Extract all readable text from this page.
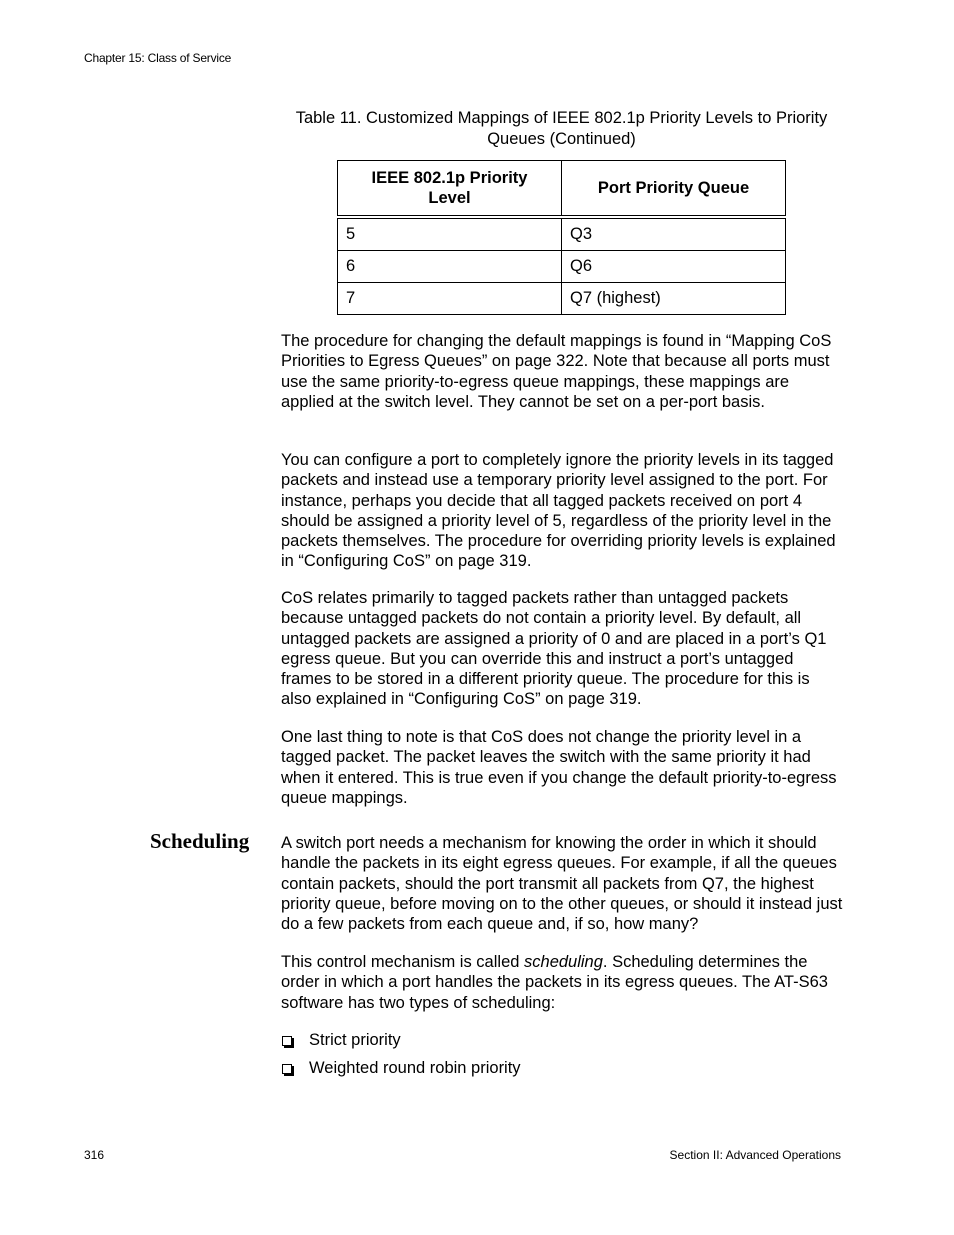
Chapter 15: Class of Service
Table 11. Customized Mappings of IEEE 802.1p Priority Levels to Priority
Queues (Continued)
IEEE 802.1p Priority Level	Port Priority Queue
5	Q3
6	Q6
7	Q7 (highest)

The procedure for changing the default mappings is found in “Mapping CoS Priorities to Egress Queues” on page 322. Note that because all ports must use the same priority-to-egress queue mappings, these mappings are applied at the switch level. They cannot be set on a per-port basis.

You can configure a port to completely ignore the priority levels in its tagged packets and instead use a temporary priority level assigned to the port. For instance, perhaps you decide that all tagged packets received on port 4 should be assigned a priority level of 5, regardless of the priority level in the packets themselves. The procedure for overriding priority levels is explained in “Configuring CoS” on page 319.

CoS relates primarily to tagged packets rather than untagged packets because untagged packets do not contain a priority level. By default, all untagged packets are assigned a priority of 0 and are placed in a port’s Q1 egress queue. But you can override this and instruct a port’s untagged frames to be stored in a different priority queue. The procedure for this is also explained in “Configuring CoS” on page 319.

One last thing to note is that CoS does not change the priority level in a tagged packet. The packet leaves the switch with the same priority it had when it entered. This is true even if you change the default priority-to-egress queue mappings.

Scheduling A switch port needs a mechanism for knowing the order in which it should handle the packets in its eight egress queues. For example, if all the queues contain packets, should the port transmit all packets from Q7, the highest priority queue, before moving on to the other queues, or should it instead just do a few packets from each queue and, if so, how many?

This control mechanism is called scheduling. Scheduling determines the order in which a port handles the packets in its egress queues. The AT-S63 software has two types of scheduling:

Strict priority
Weighted round robin priority
316	Section II: Advanced Operations
